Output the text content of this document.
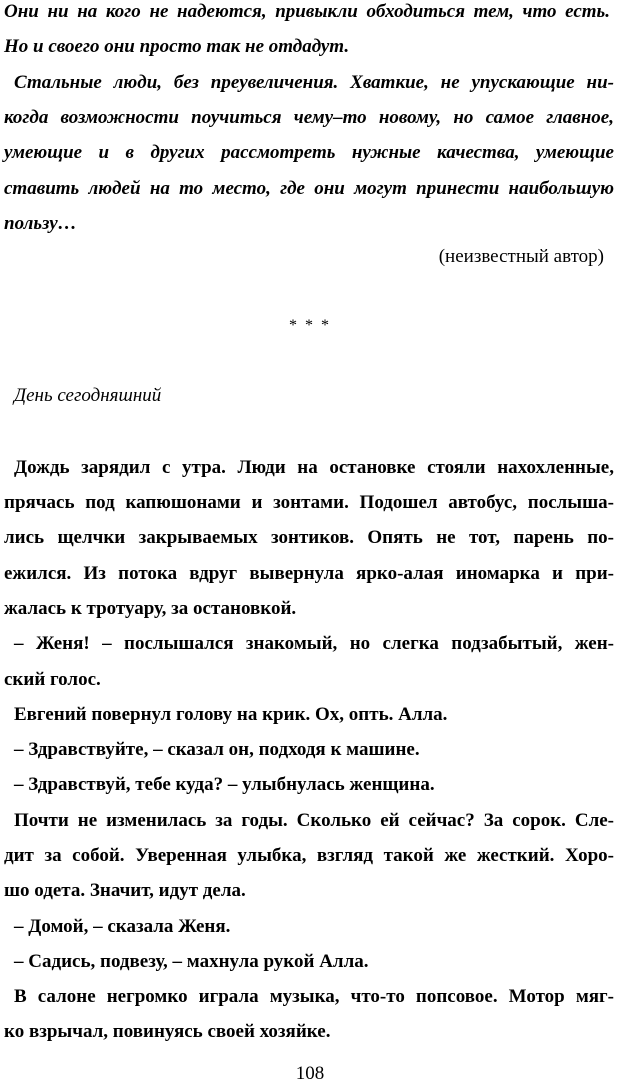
Они ни на кого не надеются, привыкли обходиться тем, что есть.
Но и своего они просто так не отдадут.
Стальные люди, без преувеличения. Хваткие, не упускающие ни-
когда возможности поучиться чему–то новому, но самое главное,
умеющие и в других рассмотреть нужные качества, умеющие
ставить людей на то место, где они могут принести наибольшую
пользу…
(неизвестный автор)
* * *
День сегодняшний
Дождь зарядил с утра. Люди на остановке стояли нахохленные,
прячась под капюшонами и зонтами. Подошел автобус, послыша-
лись щелчки закрываемых зонтиков. Опять не тот, парень по-
ежился. Из потока вдруг вывернула ярко-алая иномарка и при-
жалась к тротуару, за остановкой.
– Женя! – послышался знакомый, но слегка подзабытый, жен-
ский голос.
Евгений повернул голову на крик. Ох, опть. Алла.
– Здравствуйте, – сказал он, подходя к машине.
– Здравствуй, тебе куда? – улыбнулась женщина.
Почти не изменилась за годы. Сколько ей сейчас? За сорок. Сле-
дит за собой. Уверенная улыбка, взгляд такой же жесткий. Хоро-
шо одета. Значит, идут дела.
– Домой, – сказала Женя.
– Садись, подвезу, – махнула рукой Алла.
В салоне негромко играла музыка, что-то попсовое. Мотор мяг-
ко взрычал, повинуясь своей хозяйке.
108
